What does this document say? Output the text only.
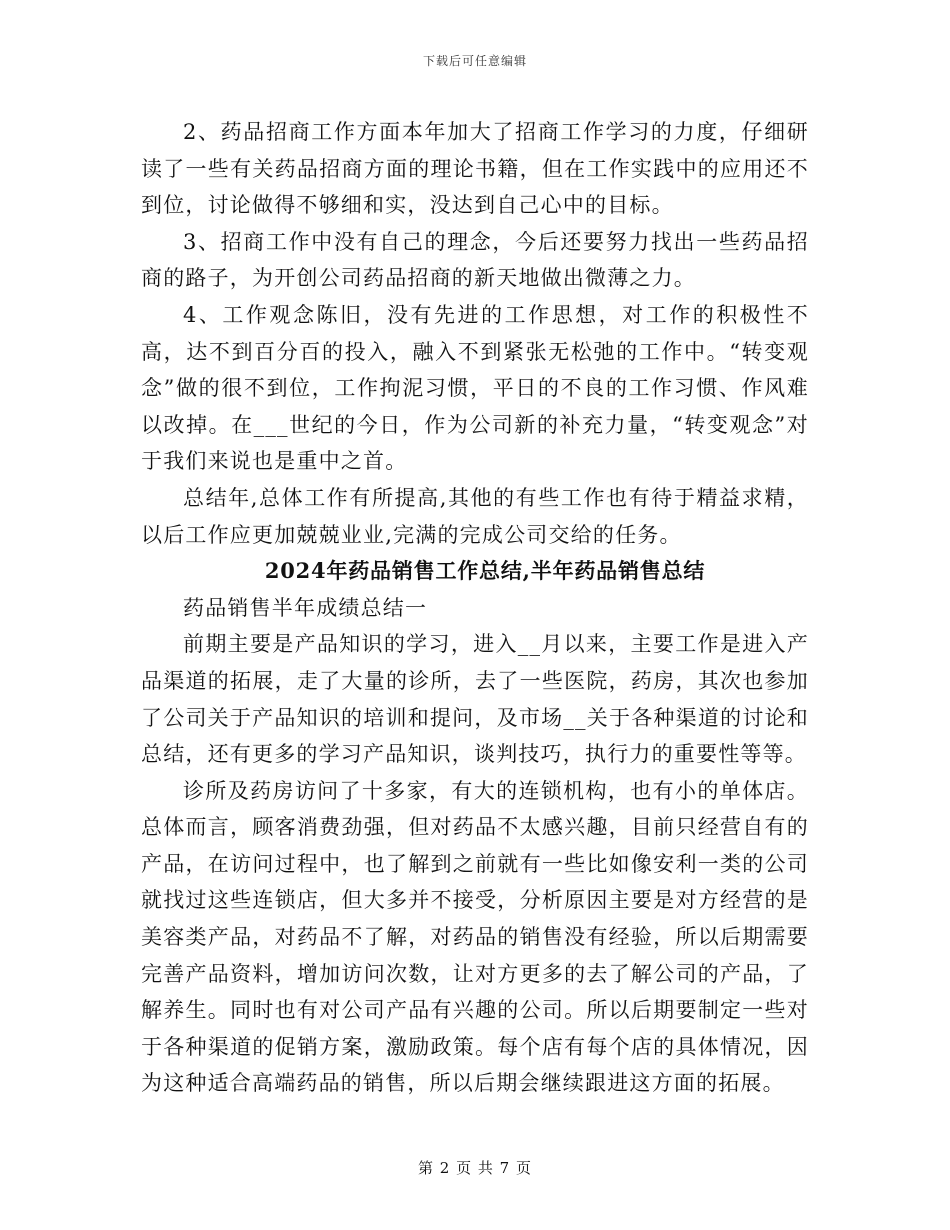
下载后可任意编辑

2、药品招商工作方面本年加大了招商工作学习的力度，仔细研读了一些有关药品招商方面的理论书籍，但在工作实践中的应用还不到位，讨论做得不够细和实，没达到自己心中的目标。

3、招商工作中没有自己的理念，今后还要努力找出一些药品招商的路子，为开创公司药品招商的新天地做出微薄之力。

4、工作观念陈旧，没有先进的工作思想，对工作的积极性不高，达不到百分百的投入，融入不到紧张无松弛的工作中。“转变观念”做的很不到位，工作拘泥习惯，平日的不良的工作习惯、作风难以改掉。在___世纪的今日，作为公司新的补充力量，“转变观念”对于我们来说也是重中之首。

总结年,总体工作有所提高,其他的有些工作也有待于精益求精，以后工作应更加兢兢业业,完满的完成公司交给的任务。

2024年药品销售工作总结,半年药品销售总结

药品销售半年成绩总结一

前期主要是产品知识的学习，进入__月以来，主要工作是进入产品渠道的拓展，走了大量的诊所，去了一些医院，药房，其次也参加了公司关于产品知识的培训和提问，及市场__关于各种渠道的讨论和总结，还有更多的学习产品知识，谈判技巧，执行力的重要性等等。

诊所及药房访问了十多家，有大的连锁机构，也有小的单体店。总体而言，顾客消费劲强，但对药品不太感兴趣，目前只经营自有的产品，在访问过程中，也了解到之前就有一些比如像安利一类的公司就找过这些连锁店，但大多并不接受，分析原因主要是对方经营的是美容类产品，对药品不了解，对药品的销售没有经验，所以后期需要完善产品资料，增加访问次数，让对方更多的去了解公司的产品，了解养生。同时也有对公司产品有兴趣的公司。所以后期要制定一些对于各种渠道的促销方案，激励政策。每个店有每个店的具体情况，因为这种适合高端药品的销售，所以后期会继续跟进这方面的拓展。

第 2 页 共 7 页
